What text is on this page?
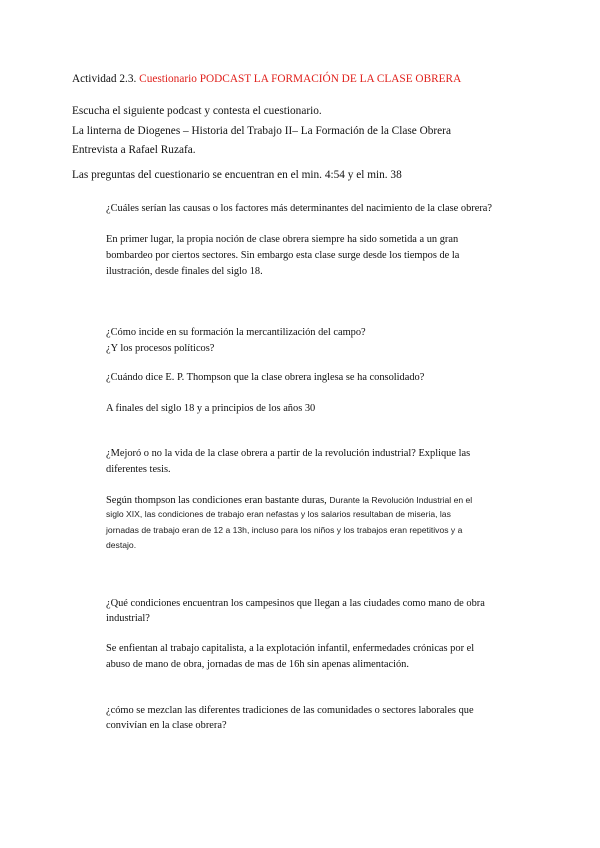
Actividad 2.3. Cuestionario PODCAST LA FORMACIÓN DE LA CLASE OBRERA
Escucha el siguiente podcast y contesta el cuestionario.
La linterna de Diogenes – Historia del Trabajo II– La Formación de la Clase Obrera
Entrevista a Rafael Ruzafa.
Las preguntas del cuestionario se encuentran en el min. 4:54 y el min. 38
¿Cuáles serían las causas o los factores más determinantes del nacimiento de la clase obrera?
En primer lugar, la propia noción de clase obrera siempre ha sido sometida a un gran
bombardeo por ciertos sectores. Sin embargo esta clase surge desde los tiempos de la
ilustración, desde finales del siglo 18.
¿Cómo incide en su formación la mercantilización del campo?
¿Y los procesos políticos?
¿Cuándo dice E. P. Thompson que la clase obrera inglesa se ha consolidado?
A finales del siglo 18 y a principios de los años 30
¿Mejoró o no la vida de la clase obrera a partir de la revolución industrial? Explique las
diferentes tesis.
Según thompson las condiciones eran bastante duras, Durante la Revolución Industrial en el
siglo XIX, las condiciones de trabajo eran nefastas y los salarios resultaban de miseria, las
jornadas de trabajo eran de 12 a 13h, incluso para los niños y los trabajos eran repetitivos y a
destajo.
¿Qué condiciones encuentran los campesinos que llegan a las ciudades como mano de obra
industrial?
Se enfientan al trabajo capitalista, a la explotación infantil, enfermedades crónicas por el
abuso de mano de obra, jornadas de mas de 16h sin apenas alimentación.
¿cómo se mezclan las diferentes tradiciones de las comunidades o sectores laborales que
convivían en la clase obrera?
